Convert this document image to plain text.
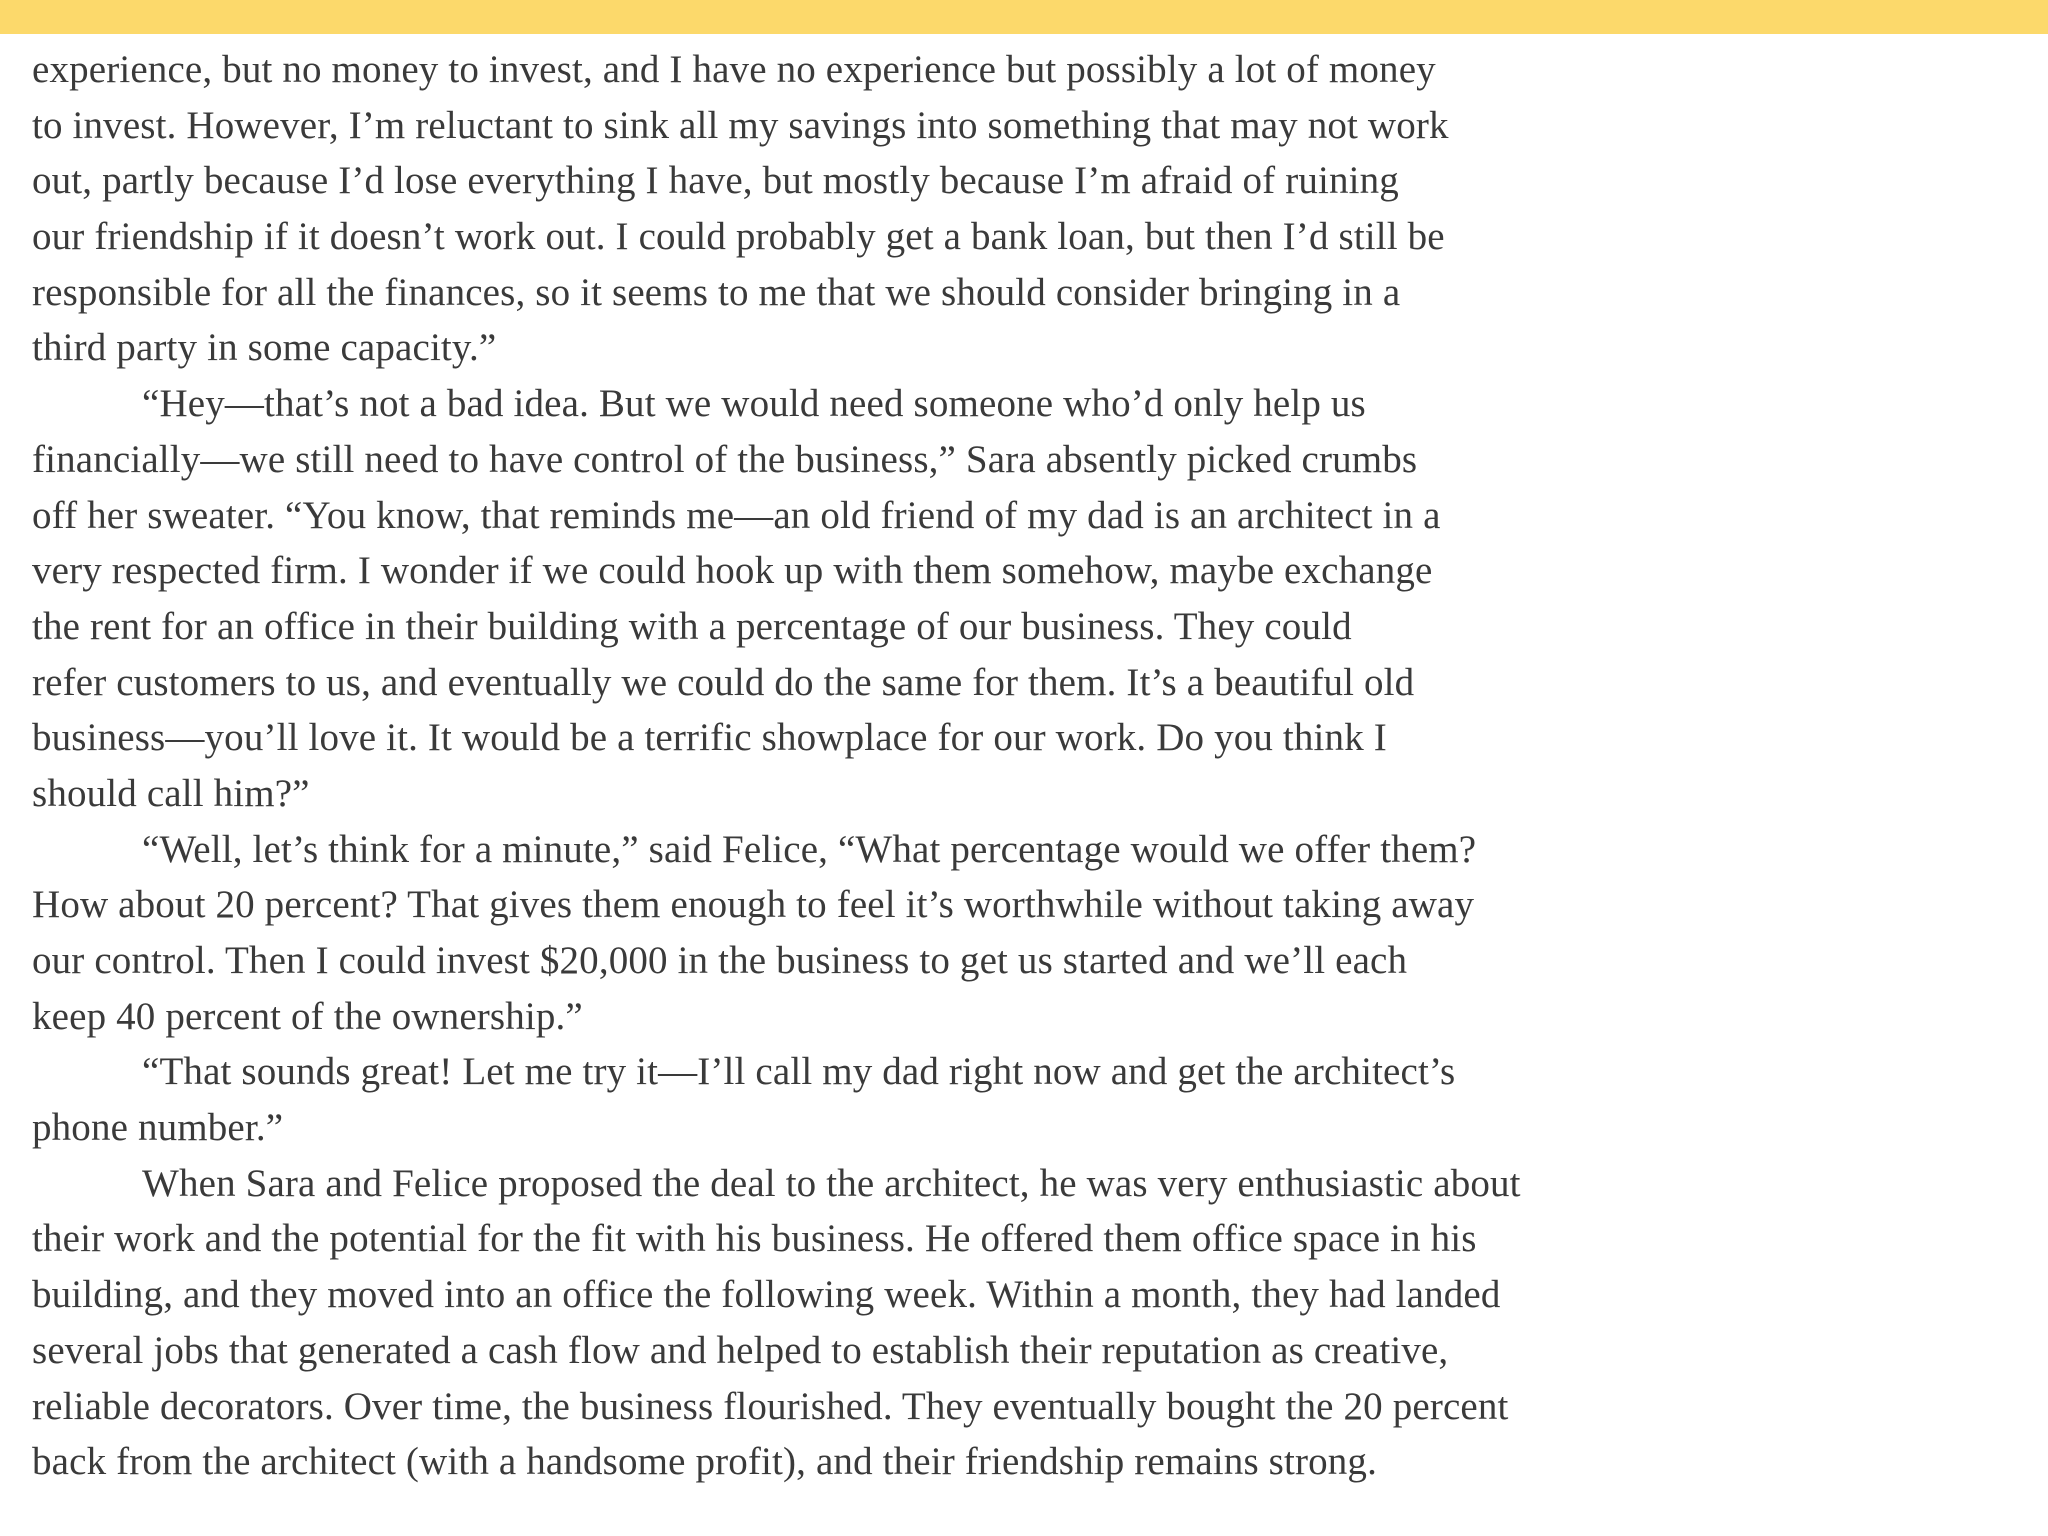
experience, but no money to invest, and I have no experience but possibly a lot of money
to invest. However, I’m reluctant to sink all my savings into something that may not work
out, partly because I’d lose everything I have, but mostly because I’m afraid of ruining
our friendship if it doesn’t work out. I could probably get a bank loan, but then I’d still be
responsible for all the finances, so it seems to me that we should consider bringing in a
third party in some capacity.”
“Hey—that’s not a bad idea. But we would need someone who’d only help us
financially—we still need to have control of the business,” Sara absently picked crumbs
off her sweater. “You know, that reminds me—an old friend of my dad is an architect in a
very respected firm. I wonder if we could hook up with them somehow, maybe exchange
the rent for an office in their building with a percentage of our business. They could
refer customers to us, and eventually we could do the same for them. It’s a beautiful old
business—you’ll love it. It would be a terrific showplace for our work. Do you think I
should call him?”
“Well, let’s think for a minute,” said Felice, “What percentage would we offer them?
How about 20 percent? That gives them enough to feel it’s worthwhile without taking away
our control. Then I could invest $20,000 in the business to get us started and we’ll each
keep 40 percent of the ownership.”
“That sounds great! Let me try it—I’ll call my dad right now and get the architect’s
phone number.”
When Sara and Felice proposed the deal to the architect, he was very enthusiastic about
their work and the potential for the fit with his business. He offered them office space in his
building, and they moved into an office the following week. Within a month, they had landed
several jobs that generated a cash flow and helped to establish their reputation as creative,
reliable decorators. Over time, the business flourished. They eventually bought the 20 percent
back from the architect (with a handsome profit), and their friendship remains strong.
